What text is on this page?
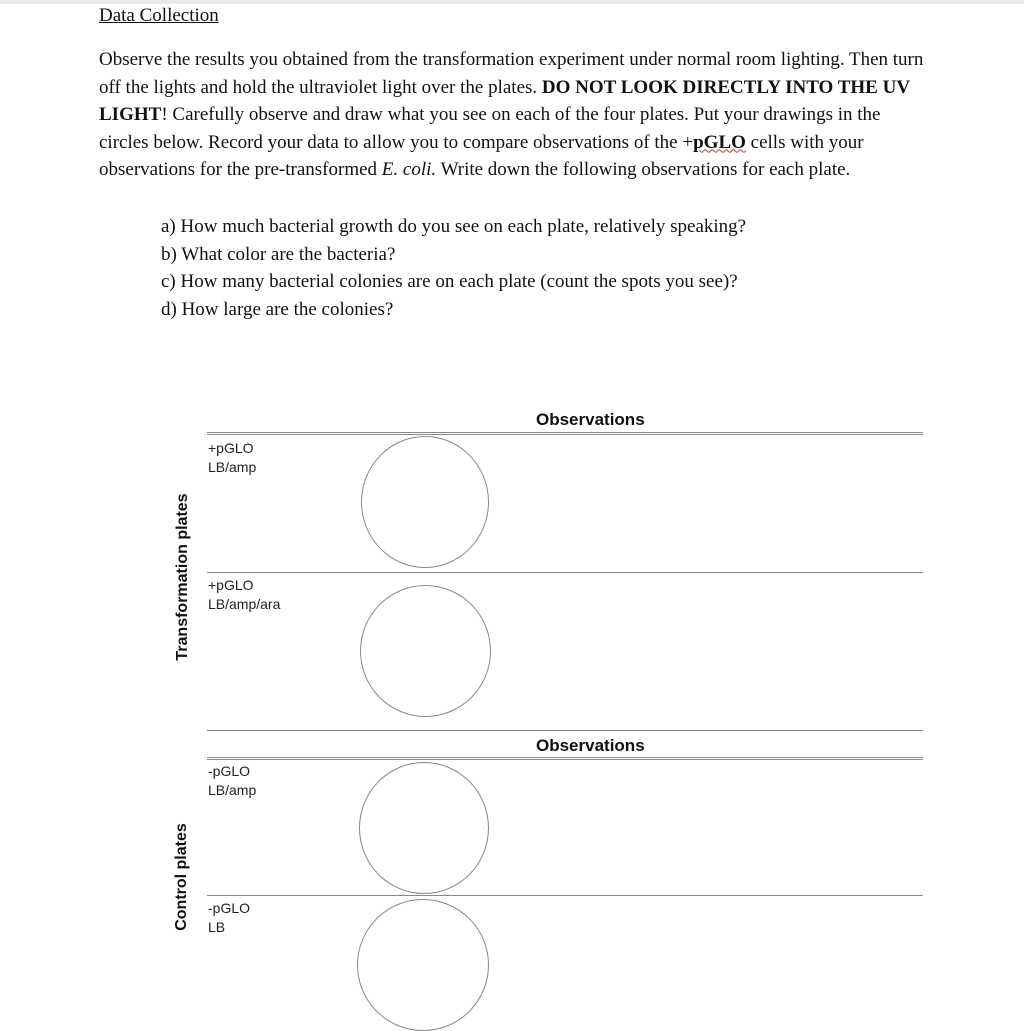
Data Collection

Observe the results you obtained from the transformation experiment under normal room lighting. Then turn off the lights and hold the ultraviolet light over the plates. DO NOT LOOK DIRECTLY INTO THE UV LIGHT! Carefully observe and draw what you see on each of the four plates. Put your drawings in the circles below. Record your data to allow you to compare observations of the +pGLO cells with your observations for the pre-transformed E. coli. Write down the following observations for each plate.

a) How much bacterial growth do you see on each plate, relatively speaking?
b) What color are the bacteria?
c) How many bacterial colonies are on each plate (count the spots you see)?
d) How large are the colonies?
Observations
+pGLO
LB/amp
+pGLO
LB/amp/ara
Transformation plates
Observations
-pGLO
LB/amp
-pGLO
LB
Control plates
